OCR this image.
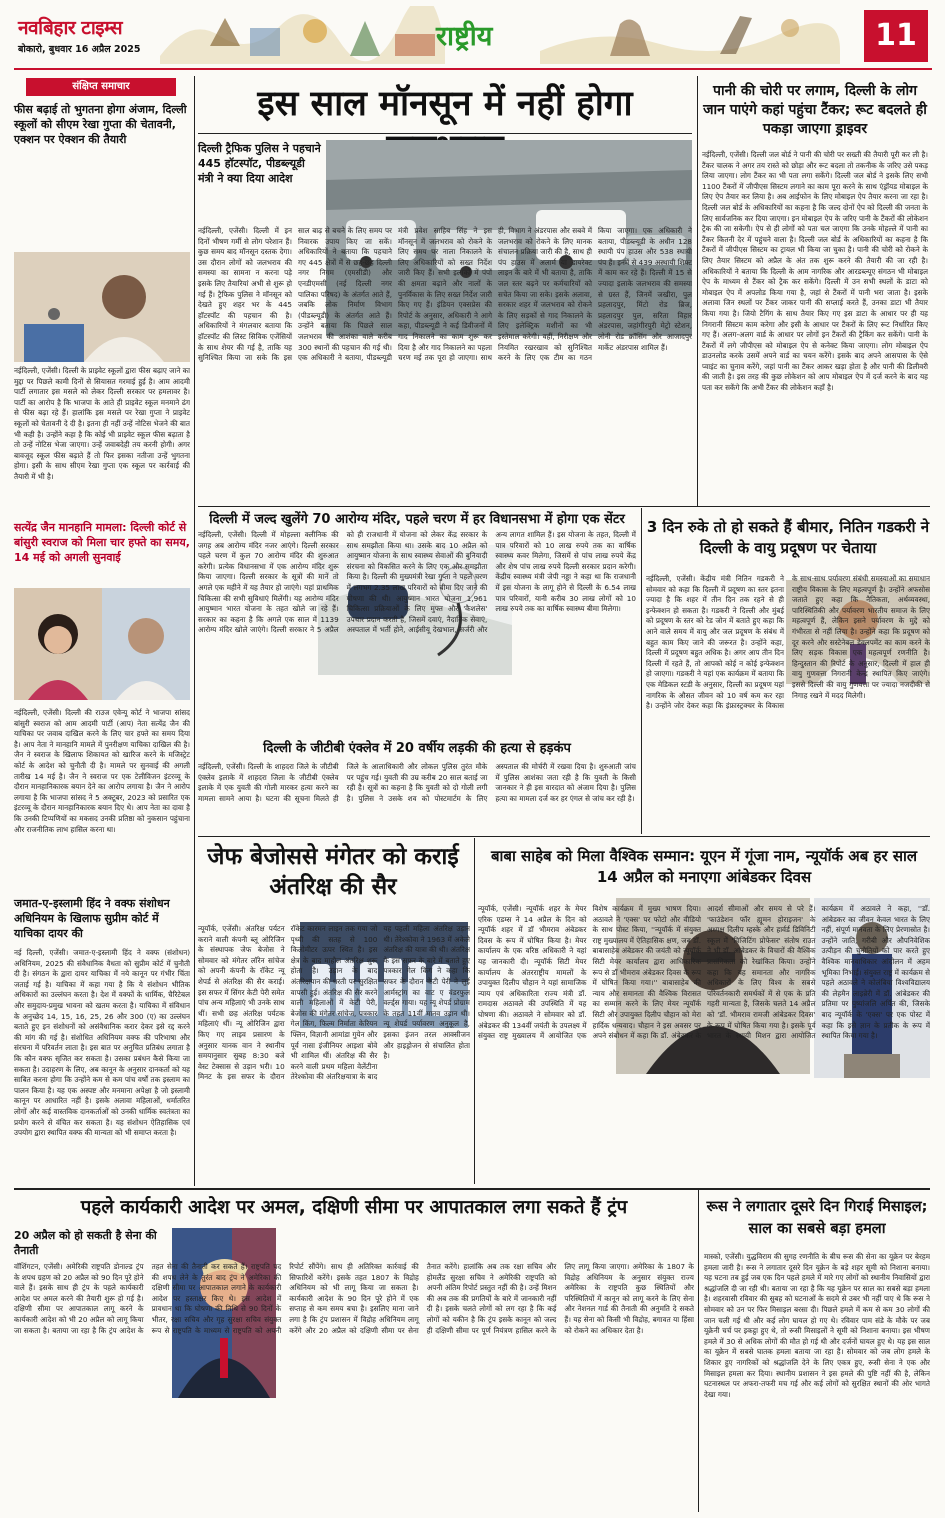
नवबिहार टाइम्स
बोकारो, बुधवार 16 अप्रैल 2025	राष्ट्रीय	11
संक्षिप्त समाचार
फीस बढ़ाई तो भुगतना होगा अंजाम, दिल्ली स्कूलों को सीएम रेखा गुप्ता की चेतावनी, एक्शन पर ऐक्शन की तैयारी
नईदिल्ली, एजेंसी। दिल्ली के प्राइवेट स्कूलों द्वारा फीस बढ़ाए जाने का मुद्दा पर पिछले कामी दिनों से सियासत गरमाई हुई है। आम आदमी पार्टी लगातार इस मसले को लेकर दिल्ली सरकार पर हमलावर है। पार्टी का आरोप है कि भाजपा के आते ही प्राइवेट स्कूल मनमाने ढंग से फीस बढ़ा रहे हैं। हालांकि इस मसले पर रेखा गुप्ता ने प्राइवेट स्कूलों को चेतावनी दे दी है। इतना ही नहीं उन्हें नोटिस भेजने की बात भी कही है। उन्होंने कहा है कि कोई भी प्राइवेट स्कूल फीस बढ़ाता है तो उन्हें नोटिस भेजा जाएगा। उन्हें जवाबदेही तय करनी होगी। अगर बावजूद स्कूल फीस बढ़ाते हैं तो फिर इसका नतीजा उन्हें भुगतना होगा। इसी के साथ सीएम रेखा गुप्ता एक स्कूल पर कार्रवाई की तैयारी में भी है।
सत्येंद्र जैन मानहानि मामला: दिल्ली कोर्ट से बांसुरी स्वराज को मिला चार हफ्ते का समय, 14 मई को अगली सुनवाई
नईदिल्ली, एजेंसी। दिल्ली की राउज एवेन्यू कोर्ट ने भाजपा सांसद बांसुरी स्वराज को आम आदमी पार्टी (आप) नेता सत्येंद्र जैन की याचिका पर जवाब दाखिल करने के लिए चार हफ्ते का समय दिया है। आप नेता ने मानहानि मामले में पुनरीक्षण याचिका दाखिल की है। जैन ने स्वराज के खिलाफ शिकायत को खारिज करने के मजिस्ट्रेट कोर्ट के आदेश को चुनौती दी है। मामले पर सुनवाई की अगली तारीख 14 मई है। जैन ने स्वराज पर एक टेलीविजन इंटरव्यू के दौरान मानहानिकारक बयान देने का आरोप लगाया है। जैन ने आरोप लगाया है कि भाजपा सांसद ने 5 अक्टूबर, 2023 को प्रसारित एक इंटरव्यू के दौरान मानहानिकारक बयान दिए थे। आप नेता का दावा है कि उनकी टिप्पणियों का मकसद उनकी प्रतिष्ठा को नुकसान पहुंचाना और राजनीतिक लाभ हासिल करना था।
जमात-ए-इस्लामी हिंद ने वक्फ संशोधन अधिनियम के खिलाफ सुप्रीम कोर्ट में याचिका दायर की
नई दिल्ली, एजेंसी। जमात-ए-इस्लामी हिंद ने वक्फ (संशोधन) अधिनियम, 2025 की संवैधानिक वैधता को सुप्रीम कोर्ट में चुनौती दी है। संगठन के द्वारा दायर याचिका में नये कानून पर गंभीर चिंता जताई गई है। याचिका में कहा गया है कि ये संशोधन भीतिक अधिकारों का उल्लंघन करता है। देश में वक्फों के धार्मिक, चैरिटेबल और समुदाय-प्रमुख भावना को खतम करता है। याचिका में संविधान के अनुच्छेद 14, 15, 16, 25, 26 और 300 (ए) का उल्लंघन बताते हुए इन संशोधनों को असंवैधानिक करार देकर इसे रद्द करने की मांग की गई है। संशोधित अधिनियम वक्फ की परिभाषा और संरचना में परिवर्तन लाता है। इस बात पर अनुचित प्रतिबंध लगाता है कि कौन वक्फ सृजित कर सकता है। उसका प्रबंधन कैसे किया जा सकता है। उदाहरण के लिए, अब कानून के अनुसार दानकर्ता को यह साबित करना होगा कि उन्होंने कम से कम पांच वर्षों तक इस्लाम का पालन किया है। यह एक अस्पष्ट और मनमाना अपेक्षा है जो इस्लामी कानून पर आधारित नहीं है। इसके अलावा महिलाओं, धर्मातरित लोगों और कई वास्तविक दानकर्ताओं को उनकी धार्मिक स्वतंत्रता का प्रयोग करने से वंचित कर सकता है। यह संशोधन ऐतिहासिक एवं उपयोग द्वारा स्थापित वक्फ की मान्यता को भी समाप्त करता है।
इस साल मॉनसून में नहीं होगा
दिल्ली ट्रैफिक पुलिस ने पहचाने 445 हॉटस्पॉट, पीडब्ल्यूडी मंत्री ने क्या दिया आदेश
नईदिल्ली, एजेंसी। दिल्ली में इन दिनों भीषण गर्मी से लोग परेशान हैं। कुछ समय बाद मॉनसून दस्तक देगा। उस दौरान लोगों को जलभराव की समस्या का सामना न करना पड़े इसके लिए तैयारियां अभी से शुरू हो गई हैं। ट्रैफिक पुलिस ने मॉनसून को देखते हुए शहर भर के 445 हॉटस्पॉट की पहचान की है। अधिकारियों ने मंगलवार बताया कि हॉटस्पॉट की लिस्ट सिविक एजेंसियों के साथ शेयर की गई है, ताकि यह सुनिश्चित किया जा सके कि इस साल बाढ़ से बचने के लिए समय पर निवारक उपाय किए जा सकें। अधिकारियों ने बताया कि पहचाने गए 445 क्षेत्रों में से छह-छह दिल्ली नगर निगम (एमसीडी) और एनडीएमसी (नई दिल्ली नगर पालिका परिषद) के अंतर्गत आते हैं, जबकि लोक निर्माण विभाग (पीडब्ल्यूडी) के अंतर्गत आते हैं। उन्होंने बताया कि पिछले साल जलभराव की आशंका वाले करीब 300 स्थानों की पहचान की गई थी। एक अधिकारी ने बताया, पीडब्ल्यूडी मंत्री प्रवेश साहिब सिंह ने इस मॉनसून में जलभराव को रोकने के लिए समय पर नाला निकालने के लिए अधिकारियों को सख्त निर्देश जारी किए हैं। सभी इलाकों में पंपों की क्षमता बढ़ाने और नालों के पुनर्विकास के लिए सख्त निर्देश जारी किए गए हैं। इंडियन एक्सप्रेस की रिपोर्ट के अनुसार, अधिकारी ने आगे कहा, पीडब्ल्यूडी ने कई डिवीजनों में गाद निकालने का काम शुरू कर दिया है और गाद निकालने का पहला चरण मई तक पूरा हो जाएगा। साथ ही, विभाग ने अंडरपास और सबवे में जलभराव को रोकने के लिए मानक संचालन प्रक्रिया जारी की है, साथ ही पंप हाउस में अलार्म या डायरेक्ट लाइन के बारे में भी बताया है, ताकि जल स्तर बढ़ने पर कर्मचारियों को सचेत किया जा सके। इसके अलावा, सरकार शहर में जलभराव को रोकने के लिए सड़कों से गाद निकालने के लिए इलेक्ट्रिक मशीनों का भी इस्तेमाल करेगी। वहीं, निरीक्षण और नियमित रखरखाव को सुनिश्चित करने के लिए एक टीम का गठन किया जाएगा। एक अधिकारी ने बताया, पीडब्ल्यूडी के अधीन 128 स्थायी पंप हाउस और 538 स्थायी पंप हैं। इनमें से 439 अस्थायी शिफ्ट में काम कर रहे हैं। दिल्ली में 15 से ज्यादा इलाके जलभराव की समस्या से ग्रस्त हैं, जिनमें जखीरा, पुल प्रहलादपुर, मिंटो रोड ब्रिज, प्रहलादपुर पुल, सरिता विहार अंडरपास, जहांगीरपुरी मेट्रो स्टेशन, लोनी रोड क्रॉसिंग और आजादपुर मार्केट अंडरपास शामिल हैं।
पानी की चोरी पर लगाम, दिल्ली के लोग जान पाएंगे कहां पहुंचा टैंकर; रूट बदलते ही पकड़ा जाएगा ड्राइवर
नईदिल्ली, एजेंसी। दिल्ली जल बोर्ड ने पानी की चोरी पर सख्ती की तैयारी पूरी कर ली है। टैंकर चालक ने अगर तय रास्ते को छोड़ा और रूट बदला तो तकनीक के जरिए उसे पकड़ लिया जाएगा। लोग टैंकर का भी पता लगा सकेंगे। दिल्ली जल बोर्ड ने इसके लिए सभी 1100 टैंकरों में जीपीएस सिस्टम लगाने का काम पूरा करने के साथ एंड्रॉयड मोबाइल के लिए ऐप तैयार कर लिया है। अब आईफोन के लिए मोबाइल ऐप तैयार करना जा रहा है। दिल्ली जल बोर्ड के अधिकारियों का कहना है कि जल्द दोनों ऐप को दिल्ली की जनता के लिए सार्वजनिक कर दिया जाएगा। इन मोबाइल ऐप के जरिए पानी के टैंकरों की लोकेशन ट्रैक की जा सकेगी। ऐप से ही लोगों को पता चल जाएगा कि उनके मोहल्ले में पानी का टैंकर कितनी देर में पहुंचने वाला है। दिल्ली जल बोर्ड के अधिकारियों का कहना है कि टैंकरों में जीपीएस सिस्टम का ट्रायल भी किया जा चुका है। पानी की चोरी को रोकने के लिए तैयार सिस्टम को अप्रैल के अंत तक शुरू करने की तैयारी की जा रही है। अधिकारियों ने बताया कि दिल्ली के आम नागरिक और आरडब्ल्यूए संगठन भी मोबाइल ऐप के माध्यम से टैंकर को ट्रैक कर सकेंगे। दिल्ली में उन सभी स्थलों के डाटा को मोबाइल ऐप में अपलोड किया गया है, जहां से टैंकरों में पानी भरा जाता है। इसके अलावा जिन स्थलों पर टैंकर जाकर पानी की सप्लाई करते हैं, उनका डाटा भी तैयार किया गया है। जियो टैगिंग के साथ तैयार किए गए इस डाटा के आधार पर ही यह निगरानी सिस्टम काम करेगा और इसी के आधार पर टैंकरों के लिए रूट निर्धारित किए गए हैं। अलग-अलग वार्ड के आधार पर लोगों इन टैंकरों की ट्रैकिंग कर सकेंगे। पानी के टैंकरों में लगे जीपीएस को मोबाइल ऐप से कनेक्ट किया जाएगा। लोग मोबाइल ऐप डाउनलोड करके उसमें अपने वार्ड का चयन करेंगे। इसके बाद अपने आसपास के ऐसे प्वाइंट का चुनाव करेंगे, जहां पानी का टैंकर आकर खड़ा होता है और पानी की डिलीवरी की जाती है। इस तरह की कुछ लोकेशन को आप मोबाइल ऐप में दर्ज करने के बाद यह पता कर सकेंगे कि अभी टैंकर की लोकेशन कहाँ है।
दिल्ली में जल्द खुलेंगे 70 आरोग्य मंदिर, पहले चरण में हर विधानसभा में होगा एक सेंटर
नईदिल्ली, एजेंसी। दिल्ली में मोहल्ला क्लीनिक की जगह अब आरोग्य मंदिर नजर आएंगे। दिल्ली सरकार पहले चरण में कुल 70 आरोग्य मंदिर की शुरुआत करेगी। प्रत्येक विधानसभा में एक आरोग्य मंदिर शुरू किया जाएगा। दिल्ली सरकार के सूत्रों की मानें तो अगले एक महीने में यह तैयार हो जाएंगे। यहां प्राथमिक चिकित्सा की सभी सुविधाएं मिलेंगी। यह आरोग्य मंदिर आयुष्मान भारत योजना के तहत खोले जा रहे हैं। सरकार का कहना है कि अगले एक साल में 1139 आरोग्य मंदिर खोले जाएंगे। दिल्ली सरकार ने 5 अप्रैल को ही राजधानी में योजना को लेकर केंद्र सरकार के साथ समझौता किया था। उसके बाद 10 अप्रैल को आयुष्मान योजना के साथ स्वास्थ्य सेवाओं की बुनियादी संरचना को विकसित करने के लिए एक और समझौता किया है। दिल्ली की मुख्यमंत्री रेखा गुप्ता ने पहले चरण में लगभग 2.35 लाख परिवारों को बीमा दिए जाने की घोषणा की थी। आयुष्मान भारत योजना 1,961 चिकित्सा प्रक्रियाओं के लिए मुफ्त और 'कैशलेस' उपचार प्रदान करती है, जिसमें दवाएं, नैदानिक सेवाएं, अस्पताल में भर्ती होने, आईसीयू देखभाल, सर्जरी और अन्य लागत शामिल हैं। इस योजना के तहत, दिल्ली में पात्र परिवारों को 10 लाख रुपये तक का वार्षिक स्वास्थ्य कवर मिलेगा, जिसमें से पांच लाख रुपये केंद्र और शेष पांच लाख रुपये दिल्ली सरकार प्रदान करेगी। केंद्रीय स्वास्थ्य मंत्री जेपी नड्डा ने कहा था कि राजधानी में इस योजना के लागू होने से दिल्ली के 6.54 लाख पात्र परिवारों, यानी करीब 30 लाख लोगों को 10 लाख रुपये तक का वार्षिक स्वास्थ्य बीमा मिलेगा।
दिल्ली के जीटीबी एंक्लेव में 20 वर्षीय लड़की की हत्या से हड़कंप
नईदिल्ली, एजेंसी। दिल्ली के शाहदरा जिले के जीटीबी एंक्लेव इलाके में शाहदरा जिला के जीटीबी एंक्लेव इलाके में एक युवती की गोली मारकर हत्या करने का मामला सामने आया है। घटना की सूचना मिलते ही जिले के आलाधिकारी और लोकल पुलिस तुरंत मौके पर पहुंच गई। युवती की उम्र करीब 20 साल बताई जा रही है। सूत्रों का कहना है कि युवती को दो गोली लगी है। पुलिस ने उसके शव को पोस्टमार्टम के लिए अस्पताल की मोर्चरी में रखवा दिया है। शुरुआती जांच में पुलिस आशंका जता रही है कि युवती के किसी जानकार ने ही इस वारदात को अंजाम दिया है। पुलिस हत्या का मामला दर्ज कर हर एंगल से जांच कर रही है।
3 दिन रुके तो हो सकते हैं बीमार, नितिन गडकरी ने दिल्ली के वायु प्रदूषण पर चेताया
नईदिल्ली, एजेंसी। केंद्रीय मंत्री नितिन गडकरी ने सोमवार को कहा कि दिल्ली में प्रदूषण का स्तर इतना ज्यादा है कि शहर में तीन दिन तक रहने से ही इन्फेक्शन हो सकता है। गडकरी ने दिल्ली और मुंबई को प्रदूषण के स्तर को रेड जोन में बताते हुए कहा कि आने वाले समय में वायु और जल प्रदूषण के संबंध में बहुत काम किए जाने की जरूरत है। उन्होंने कहा, दिल्ली में प्रदूषण बहुत अधिक है। अगर आप तीन दिन दिल्ली में रहते हैं, तो आपको कोई न कोई इन्फेक्शन हो जाएगा। गडकरी ने यहां एक कार्यक्रम में बताया कि एक मेडिकल स्टडी के अनुसार, दिल्ली का प्रदूषण यहां नागरिक के औसत जीवन को 10 वर्ष कम कर रहा है। उन्होंने जोर देकर कहा कि इंफ्रास्ट्रक्चर के विकास के साथ-साथ पर्यावरण संबंधी समस्याओं का समाधान राष्ट्रीय विकास के लिए महत्वपूर्ण है। उन्होंने अफसोस जताते हुए कहा कि नैतिकता, अर्थव्यवस्था, पारिस्थितिकी और पर्यावरण भारतीय समाज के लिए महत्वपूर्ण हैं, लेकिन इसने पर्यावरण के मुद्दे को गंभीरता से नहीं लिया है। उन्होंने कहा कि प्रदूषण को दूर करने और सस्टेनेबल डेवलपमेंट का काम करने के लिए सड़क विकास एक महत्वपूर्ण रणनीति है। हिन्दुस्तान की रिपोर्ट के अनुसार, दिल्ली में हाल ही वायु गुणवत्ता निगरानी केन्द्र स्थापित किए जाएंगे। इससे दिल्ली की वायु गुणवत्ता पर ज्यादा नजदीकी से निगाह रखने में मदद मिलेगी।
जेफ बेजोससे मंगेतर को कराई अंतरिक्ष की सैर
न्यूयॉर्क, एजेंसी। अंतरिक्ष पर्यटन कराने वाली कंपनी ब्लू ओरिजिन के संस्थापक जेफ बेजोस ने सोमवार को मंगेतर लॉरेन सांचेज को अपनी कंपनी के रॉकेट न्यू शेपर्ड से अंतरिक्ष की सैर कराई। इस सफर में सिंगर केटी पेरी समेत पांच अन्य महिलाएं भी उनके साथ थीं। सभी छह अंतरिक्ष पर्यटक महिलाएं थीं। न्यू ओरिजिन द्वारा किए गए लाइव प्रसारण के अनुसार यानक वान ने स्थानीय समयानुसार सुबह 8:30 बजे वेस्ट टेक्सास से उड़ान भरी। 10 मिनट के इस सफर के दौरान रॉकेट कारमन लाइन तक गया जो पृथ्वी की सतह से 100 किलोमीटर ऊपर स्थित है। इस क्षेत्र के बाद माहौल अंतरिक्ष शुरू होता है। उड़ान के बाद अंतरिक्षयान की धरती पर सुरक्षित वापसी हुई। अंतरिक्ष की सैर करने वाली महिलाओं में केटी पेरी, बेजोस की मंगेतर सांचेज, पत्रकार गेल किंग, फिल्म निर्माता केरियन फ्लिन, विज्ञानी आमांडा गुयेन और पूर्व नासा इंजीनियर आइशा बोवे भी शामिल थीं। अंतरिक्ष की सैर करने वाली प्रथम महिला वेलेंटीना तेरेश्कोवा की अंतरिक्षयात्रा के बाद यह पहली महिला अंतरिक्ष उड़ान थी। तेरेश्कोवा ने 1963 में अकेले अंतरिक्ष की यात्रा की थी। अंतरिक्ष के इस सफर के बारे में बताते हुए पत्रकार गेल किंग ने कहा कि सफर के दौरान केटी पेरी ने लुई आर्मस्ट्रांग का वाट ए वंडरफुल वर्ल्ड्स गाया। यह न्यू शेपर्ड प्रोग्राम के तहत 11वीं मानव उड़ान थी। न्यू शेपर्ड पर्यावरण अनुकूल है, इसका इंजन तरल आक्सीजन और हाइड्रोजन से संचालित होता है।
बाबा साहेब को मिला वैश्विक सम्मान: यूएन में गूंजा नाम, न्यूयॉर्क अब हर साल 14 अप्रैल को मनाएगा आंबेडकर दिवस
न्यूयॉर्क, एजेंसी। न्यूयॉर्क शहर के मेयर एरिक एडम्स ने 14 अप्रैल के दिन को न्यूयॉर्क शहर में डॉ भीमराव अंबेडकर दिवस के रूप में घोषित किया है। मेयर कार्यालय के एक वरिष्ठ अधिकारी ने यहां यह जानकारी दी। न्यूयॉर्क सिटी मेयर कार्यालय के अंतरराष्ट्रीय मामलों के उपायुक्त दिलीप चौहान ने यहां सामाजिक न्याय एवं अधिकारिता राज्य मंत्री डॉ. रामदास अठावले की उपस्थिति में यह घोषणा की। अठावले ने सोमवार को डॉ. अंबेडकर की 134वीं जयंती के उपलक्ष्य में संयुक्त राष्ट्र मुख्यालय में आयोजित एक विशेष कार्यक्रम में मुख्य भाषण दिया। अठावले ने 'एक्स' पर फोटो और वीडियो के साथ पोस्ट किया, ''न्यूयॉर्क में संयुक्त राष्ट्र मुख्यालय में ऐतिहासिक क्षण, जब डॉ. बाबासाहेब अंबेडकर की जयंती को न्यूयॉर्क सिटी मेयर कार्यालय द्वारा आधिकारिक रूप से डॉ भीमराव अंबेडकर दिवस के रूप में घोषित किया गया।'' बाबासाहेब की न्याय और समानता की वैश्विक विरासत का सम्मान करने के लिए मेयर न्यूयॉर्क सिटी और उपायुक्त दिलीप चौहान को मेरा हार्दिक धन्यवाद। चौहान ने इस अवसर पर अपने संबोधन में कहा कि डॉ. अंबेडकर के आदर्श सीमाओं और समय से परे हैं। 'फाउंडेशन फॉर ह्यूमन होराइजन' के अध्यक्ष दिलीप म्हस्के और हार्वर्ड डिविनिटी स्कूल में 'विजिटिंग प्रोफेसर' संतोष राउत ने भी डॉ. आंबेडकर के विचारों की वैश्विक प्रासंगिकता को रेखांकित किया। उन्होंने कहा कि यह समानता और नागरिक अधिकारों के लिए विश्व के सबसे परिवर्तनकारी समर्थकों में से एक के प्रति गहरी मान्यता है, जिसके चलते 14 अप्रैल को 'डॉ. भीमराव रामजी आंबेडकर दिवस' के रूप में घोषित किया गया है। इसके पूर्व भारत के स्थायी मिशन द्वारा आयोजित कार्यक्रम में अठावले ने कहा, ''डॉ. आंबेडकर का जीवन केवल भारत के लिए नहीं, संपूर्ण मानवता के लिए प्रेरणास्रोत है। उन्होंने जाति, गरीबी और औपनिवेशिक उत्पीड़न की चुनौतियों को पार करते हुए वैश्विक मानवाधिकार आंदोलन में अहम भूमिका निभाई। संयुक्त राष्ट्र में कार्यक्रम से पहले अठावले ने कोलंबिया विश्वविद्यालय की लेहमैन लाइब्रेरी में डॉ. आंबेडकर की प्रतिमा पर पुष्पांजलि अर्पित की, जिसके बाद न्यूयॉर्क के 'एक्स' पर एक पोस्ट में कहा कि इसे ज्ञान के प्रतीक के रूप में स्थापित किया गया है।
पहले कार्यकारी आदेश पर अमल, दक्षिणी सीमा पर आपातकाल लगा सकते हैं ट्रंप
20 अप्रैल को हो सकती है सेना की तैनाती
वॉशिंगटन, एजेंसी। अमेरिकी राष्ट्रपति डोनाल्ड ट्रंप के शपथ ग्रहण को 20 अप्रैल को 90 दिन पूरे होने वाले हैं। इसके साथ ही ट्रंप के पहले कार्यकारी आदेश पर अमल करने की तैयारी शुरू हो गई है। दक्षिणी सीमा पर आपातकाल लागू करने के कार्यकारी आदेश को भी 20 अप्रैल को लागू किया जा सकता है। बताया जा रहा है कि ट्रंप आदेश के तहत सेना की तैनाती कर सकते हैं। राष्ट्रपति पद की शपथ लेने के तुरंत बाद ट्रंप ने अमेरिका की दक्षिणी सीमा पर आपातकाल लगाने के कार्यकारी आदेश पर हस्ताक्षर किए थे। इस आदेश में प्रावधान था कि घोषणा की तिथि से 90 दिनों के भीतर, रक्षा सचिव और गृह सुरक्षा सचिव संयुक्त रूप से राष्ट्रपति के माध्यम से राष्ट्रपति को अपनी रिपोर्ट सौंपेंगे। साथ ही अतिरिक्त कार्रवाई की सिफारिशें करेंगे। इसके तहत 1807 के विद्रोह अधिनियम को भी लागू किया जा सकता है। कार्यकारी आदेश के 90 दिन पूरे होने में एक सप्ताह से कम समय बचा है। इसलिए माना जाने लगा है कि ट्रंप प्रशासन में विद्रोह अधिनियम लागू करेंगे और 20 अप्रैल को दक्षिणी सीमा पर सेना तैनात करेंगे। हालांकि अब तक रक्षा सचिव और होमलैंड सुरक्षा सचिव ने अमेरिकी राष्ट्रपति को अपनी अंतिम रिपोर्ट प्रस्तुत नहीं की है। उन्हें मिशन की अब तक की प्रगतियों के बारे में जानकारी नहीं दी है। इसके चलते लोगों को लग रहा है कि कई लोगों को यकीन है कि ट्रंप इसके कानून को जल्द ही दक्षिणी सीमा पर पूर्ण नियंत्रण हासिल करने के लिए लागू किया जाएगा। अमेरिका के 1807 के विद्रोह अधिनियम के अनुसार संयुक्त राज्य अमेरिका के राष्ट्रपति कुछ स्थितियों और परिस्थितियों में कानून को लागू करने के लिए सेना और नेशनल गार्ड की तैनाती की अनुमति दे सकते हैं। यह सेना को किसी भी विद्रोह, बगावत या हिंसा को रोकने का अधिकार देता है।
रूस ने लगातार दूसरे दिन गिराई मिसाइल; साल का सबसे बड़ा हमला
मास्को, एजेंसी। युद्धविराम की सुगह रणनीति के बीच रूस की सेना का यूक्रेन पर बेरहम हमला जारी है। रूस ने लगातार दूसरे दिन यूक्रेन के बड़े शहर सूमी को निशाना बनाया। यह घटना तब हुई जब एक दिन पहले हमले में मारे गए लोगों को स्थानीय निवासियों द्वारा श्रद्धांजलि दी जा रही थी। बताया जा रहा है कि यह यूक्रेन पर साल का सबसे बड़ा हमला है। शहरवासी रविवार की सुबह को घटनाओं के सदमे से उबर भी नहीं पाए थे कि रूस ने सोमवार को उन पर फिर मिसाइल बरसा दी। पिछले हमले में कम से कम 30 लोगों की जान चली गई थी और कई लोग घायल हो गए थे। रविवार पाम संडे के मौके पर जब यूक्रेनी चर्च पर इकट्ठा हुए थे, तो रूसी मिसाइलों ने सूमी को निशाना बनाया। इस भीषण हमले में 30 से अधिक लोगों की मौत हो गई थी और दर्जनों घायल हुए थे। यह इस साल का यूक्रेन में सबसे घातक हमला बताया जा रहा है। सोमवार को जब लोग हमले के शिकार हुए नागरिकों को श्रद्धांजलि देने के लिए एकत्र हुए, रूसी सेना ने एक और मिसाइल हमला कर दिया। स्थानीय प्रशासन ने इस हमले की पुष्टि नहीं की है, लेकिन घटनास्थल पर अफरा-तफरी मच गई और कई लोगों को सुरक्षित स्थानों की ओर भागते देखा गया।
